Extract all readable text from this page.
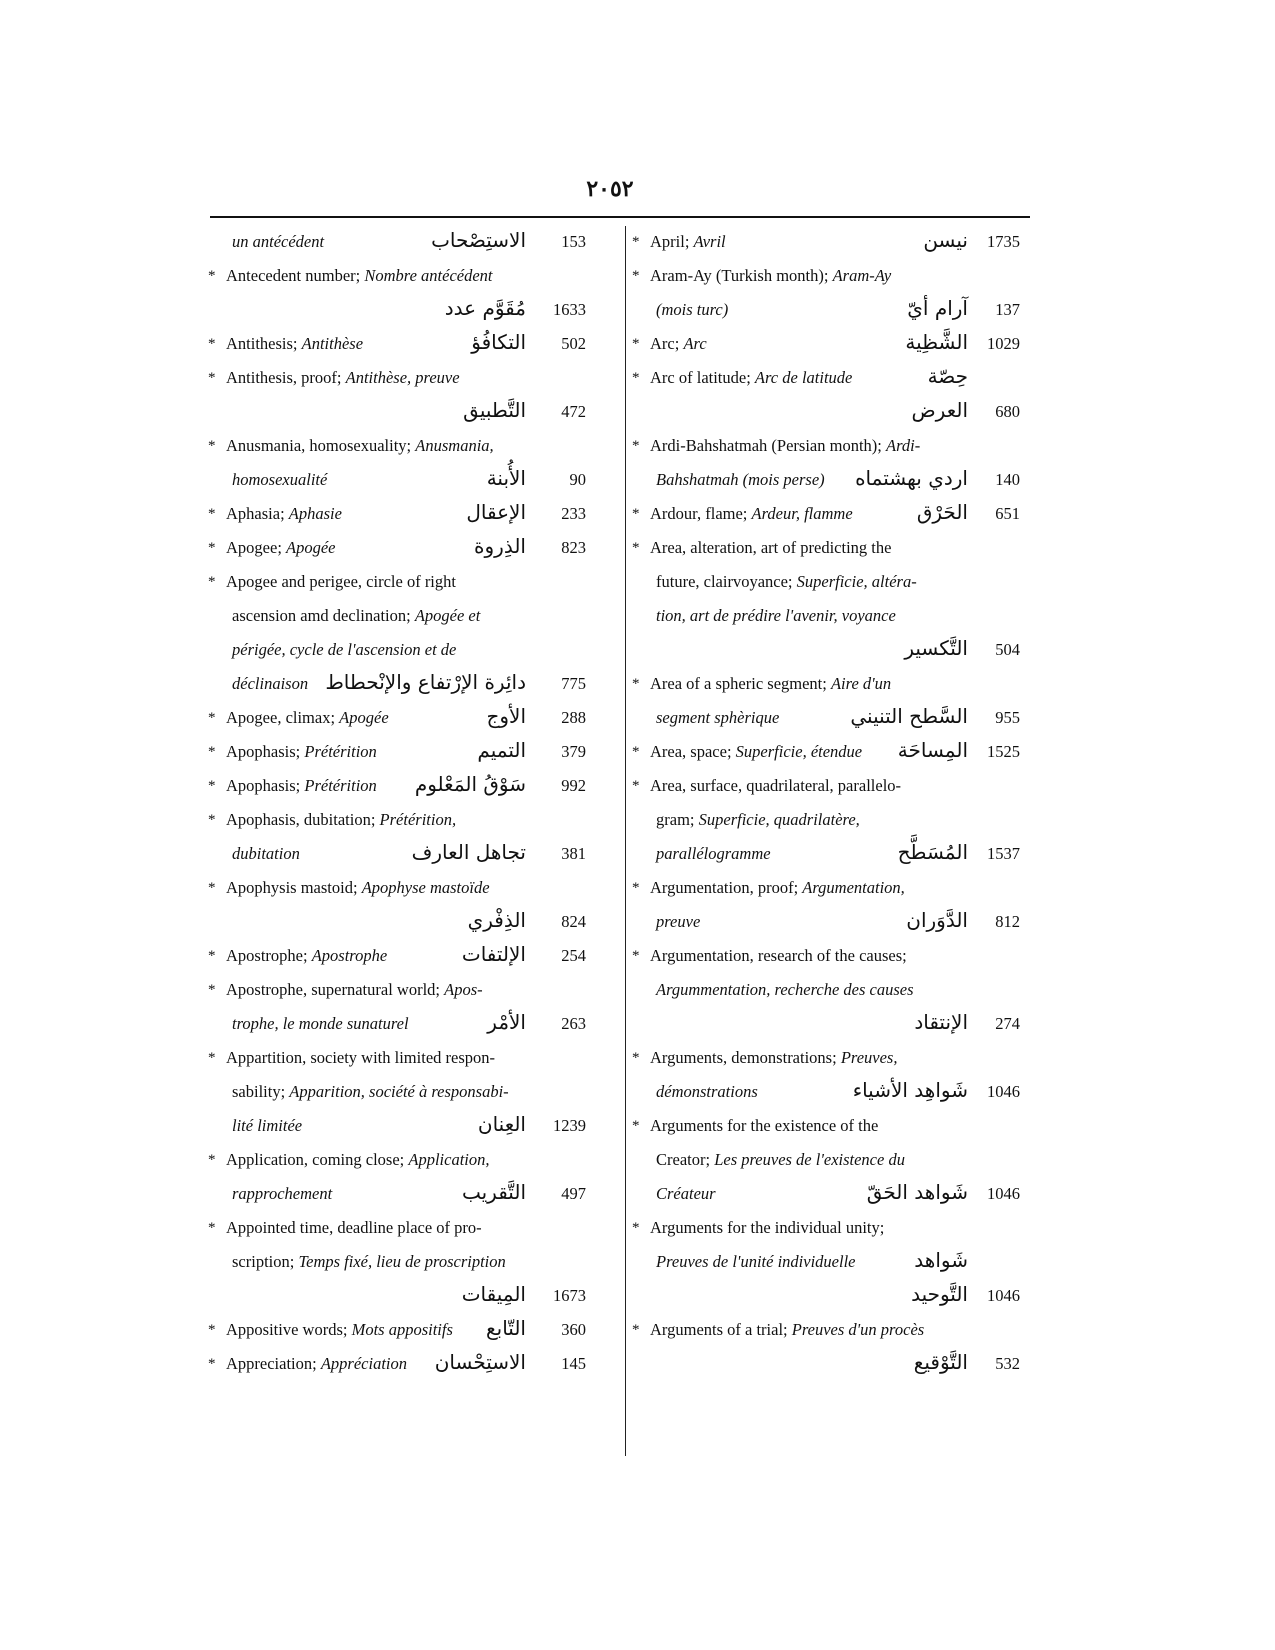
٢٠٥٢
un antécédent	الاستِصْحاب 153
* Antecedent number; Nombre antécédent
مُقَوَّم عدد 1633
* Antithesis; Antithèse	التكافُؤ 502
* Antithesis, proof; Antithèse, preuve
التَّطبيق 472
* Anusmania, homosexuality; Anusmania,
homosexualité	الأُبنة	90
* Aphasia; Aphasie	الإعقال 233
* Apogee; Apogée	الذِروة 823
* Apogee and perigee, circle of right
ascension amd declination; Apogée et
périgée, cycle de l'ascension et de
déclinaison دائِرة الإرْتفاع والإنْحطاط 775
* Apogee, climax; Apogée	الأوج 288
* Apophasis; Prétérition	التميم 379
* Apophasis; Prétérition سَوْقُ المَعْلوم 992
* Apophasis, dubitation; Prétérition,
dubitation	تجاهل العارف 381
* Apophysis mastoid; Apophyse mastoïde
الذِفْري 824
* Apostrophe; Apostrophe	الإلتفات 254
* Apostrophe, supernatural world; Apos-
trophe, le monde sunaturel	الأمْر 263
* Appartition, society with limited respon-
sability; Apparition, société à responsabi-
lité limitée	العِنان 1239
* Application, coming close; Application,
rapprochement	التَّقريب 497
* Appointed time, deadline place of pro-
scription; Temps fixé, lieu de proscription
المِيقات 1673
* Appositive words; Mots appositifs التّابع 360
* Appreciation; Appréciation الاستِحْسان 145
* April; Avril	نيسن 1735
* Aram-Ay (Turkish month); Aram-Ay
(mois turc)	آرام أيّ 137
* Arc; Arc	الشَّظِية 1029
* Arc of latitude; Arc de latitude	حِصّة
العرض 680
* Ardi-Bahshatmah (Persian month); Ardi-
Bahshatmah (mois perse) اردي بهشتماه 140
* Ardour, flame; Ardeur, flamme	الحَرْق 651
* Area, alteration, art of predicting the
future, clairvoyance; Superficie, altéra-
tion, art de prédire l'avenir, voyance
التَّكسير 504
* Area of a spheric segment; Aire d'un
segment sphèrique	السَّطح التنيني 955
* Area, space; Superficie, étendue المِساحَة 1525
* Area, surface, quadrilateral, parallelo-
gram; Superficie, quadrilatère,
parallélogramme	المُسَطَّح 1537
* Argumentation, proof; Argumentation,
preuve	الدَّوَران 812
* Argumentation, research of the causes;
Argummentation, recherche des causes
الإنتقاد 274
* Arguments, demonstrations; Preuves,
démonstrations	شَواهِد الأشياء 1046
* Arguments for the existence of the
Creator; Les preuves de l'existence du
Créateur	شَواهد الحَقّ 1046
* Arguments for the individual unity;
Preuves de l'unité individuelle	شَواهد
التَّوحيد 1046
* Arguments of a trial; Preuves d'un procès
التَّوْقيع 532
